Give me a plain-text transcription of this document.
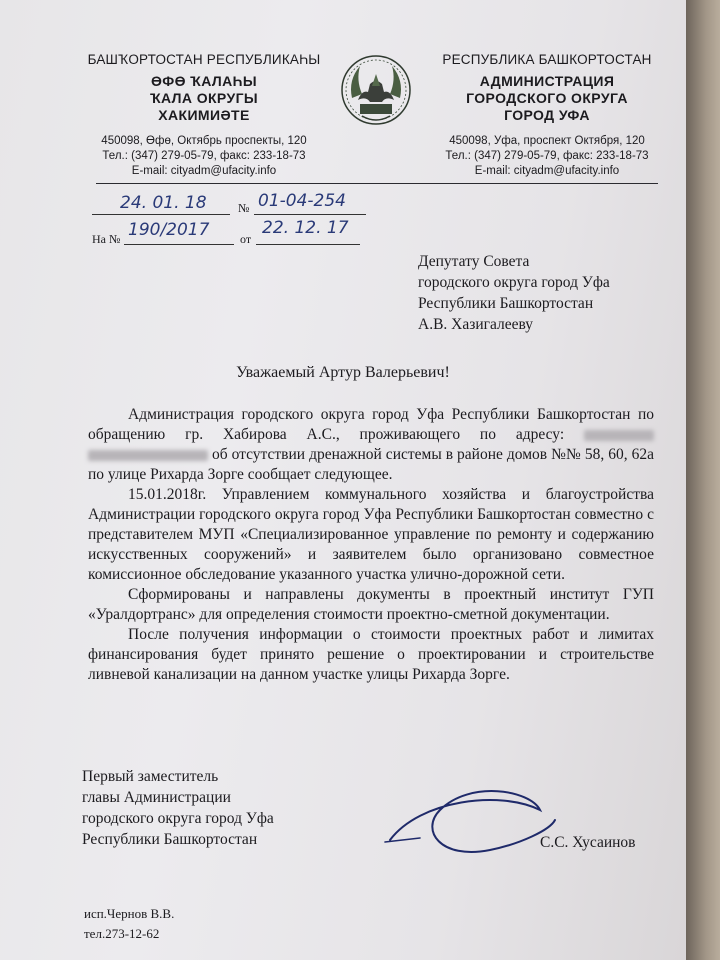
БАШҠОРТОСТАН РЕСПУБЛИКАҺЫ
ӨФӨ ҠАЛАҺЫ
ҠАЛА ОКРУГЫ
ХАКИМИӘТЕ
450098, Өфө, Октябрь проспекты, 120
Тел.: (347) 279-05-79, факс: 233-18-73
E-mail: cityadm@ufacity.info
РЕСПУБЛИКА БАШКОРТОСТАН
АДМИНИСТРАЦИЯ
ГОРОДСКОГО ОКРУГА
ГОРОД УФА
450098, Уфа, проспект Октября, 120
Тел.: (347) 279-05-79, факс: 233-18-73
E-mail: cityadm@ufacity.info
24. 01. 18	№ 01-04-254
На № 190/2017	от
22. 12. 17
Депутату Совета
городского округа город Уфа
Республики Башкортостан
А.В. Хазигалееву
Уважаемый Артур Валерьевич!

Администрация городского округа город Уфа Республики Башкортостан по обращению гр. Хабирова А.С., проживающего по адресу:   об отсутствии дренажной системы в районе домов №№ 58, 60, 62а по улице Рихарда Зорге сообщает следующее.

15.01.2018г. Управлением коммунального хозяйства и благоустройства Администрации городского округа город Уфа Республики Башкортостан совместно с представителем МУП «Специализированное управление по ремонту и содержанию искусственных сооружений» и заявителем было организовано совместное комиссионное обследование указанного участка улично-дорожной сети.

Сформированы и направлены документы в проектный институт ГУП «Уралдортранс» для определения стоимости проектно-сметной документации.

После получения информации о стоимости проектных работ и лимитах финансирования будет принято решение о проектировании и строительстве ливневой канализации на данном участке улицы Рихарда Зорге.

Первый заместитель
главы Администрации
городского округа город Уфа
Республики Башкортостан	С.С. Хусаинов
исп.Чернов В.В.
тел.273-12-62
